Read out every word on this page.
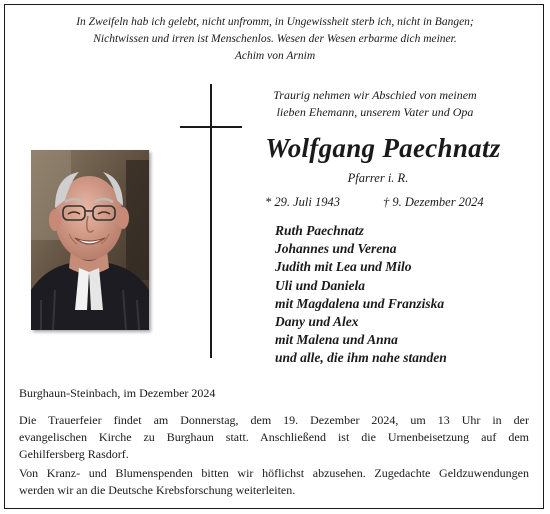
In Zweifeln hab ich gelebt, nicht unfromm, in Ungewissheit sterb ich, nicht in Bangen;
Nichtwissen und irren ist Menschenlos. Wesen der Wesen erbarme dich meiner.
Achim von Arnim
Traurig nehmen wir Abschied von meinem
lieben Ehemann, unserem Vater und Opa
Wolfgang Paechnatz
Pfarrer i. R.
* 29. Juli 1943	† 9. Dezember 2024
Ruth Paechnatz
Johannes und Verena
Judith mit Lea und Milo
Uli und Daniela
mit Magdalena und Franziska
Dany und Alex
mit Malena und Anna
und alle, die ihm nahe standen
Burghaun-Steinbach, im Dezember 2024
Die Trauerfeier findet am Donnerstag, dem 19. Dezember 2024, um 13 Uhr in der
evangelischen Kirche zu Burghaun statt. Anschließend ist die Urnenbeisetzung auf dem
Gehilfersberg Rasdorf.
Von Kranz- und Blumenspenden bitten wir höflichst abzusehen. Zugedachte Geldzuwendungen
werden wir an die Deutsche Krebsforschung weiterleiten.
